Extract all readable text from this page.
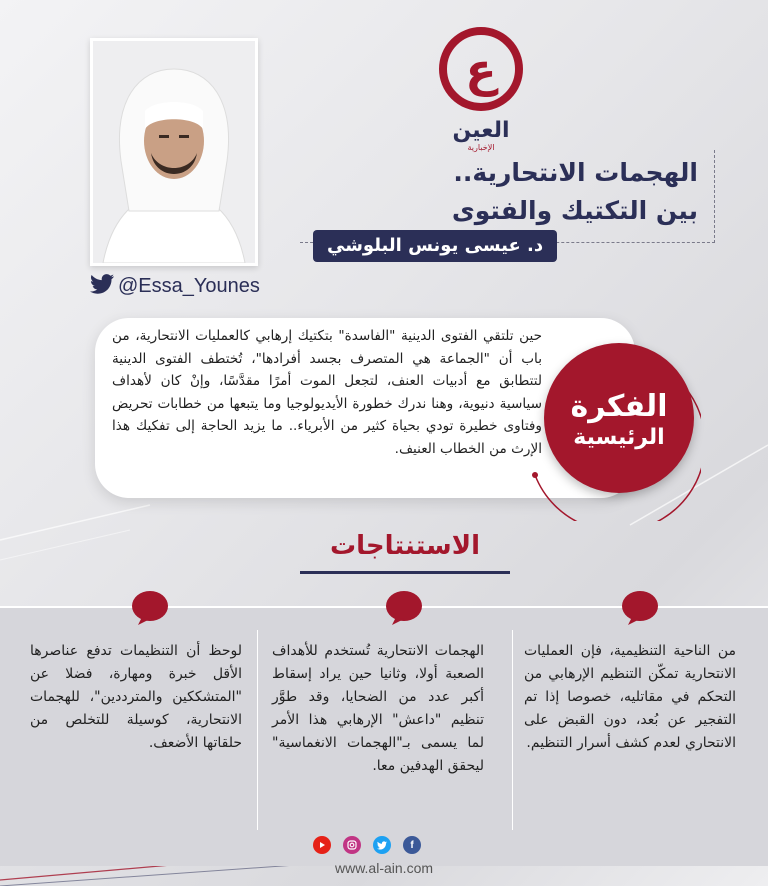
ع
العين
الإخبارية
الهجمات الانتحارية..
بين التكتيك والفتوى
د. عيسى يونس البلوشي
@Essa_Younes
حين تلتقي الفتوى الدينية "الفاسدة" بتكتيك إرهابي كالعمليات الانتحارية، من باب أن "الجماعة هي المتصرف بجسد أفرادها"، تُختطف الفتوى الدينية لتتطابق مع أدبيات العنف، لتجعل الموت أمرًا مقدَّسًا، وإنْ كان لأهداف سياسية دنيوية، وهنا ندرك خطورة الأيديولوجيا وما يتبعها من خطابات تحريض وفتاوى خطيرة تودي بحياة كثير من الأبرياء.. ما يزيد الحاجة إلى تفكيك هذا الإرث من الخطاب العنيف.
الفكرة
الرئيسية
الاستنتاجات
من الناحية التنظيمية، فإن العمليات الانتحارية تمكّن التنظيم الإرهابي من التحكم في مقاتليه، خصوصا إذا تم التفجير عن بُعد، دون القبض على الانتحاري لعدم كشف أسرار التنظيم.
الهجمات الانتحارية تُستخدم للأهداف الصعبة أولا، وثانيا حين يراد إسقاط أكبر عدد من الضحايا، وقد طوَّر تنظيم "داعش" الإرهابي هذا الأمر لما يسمى بـ"الهجمات الانغماسية" ليحقق الهدفين معا.
لوحظ أن التنظيمات تدفع عناصرها الأقل خبرة ومهارة، فضلا عن "المتشككين والمترددين"، للهجمات الانتحارية، كوسيلة للتخلص من حلقاتها الأضعف.
f
www.al-ain.com
